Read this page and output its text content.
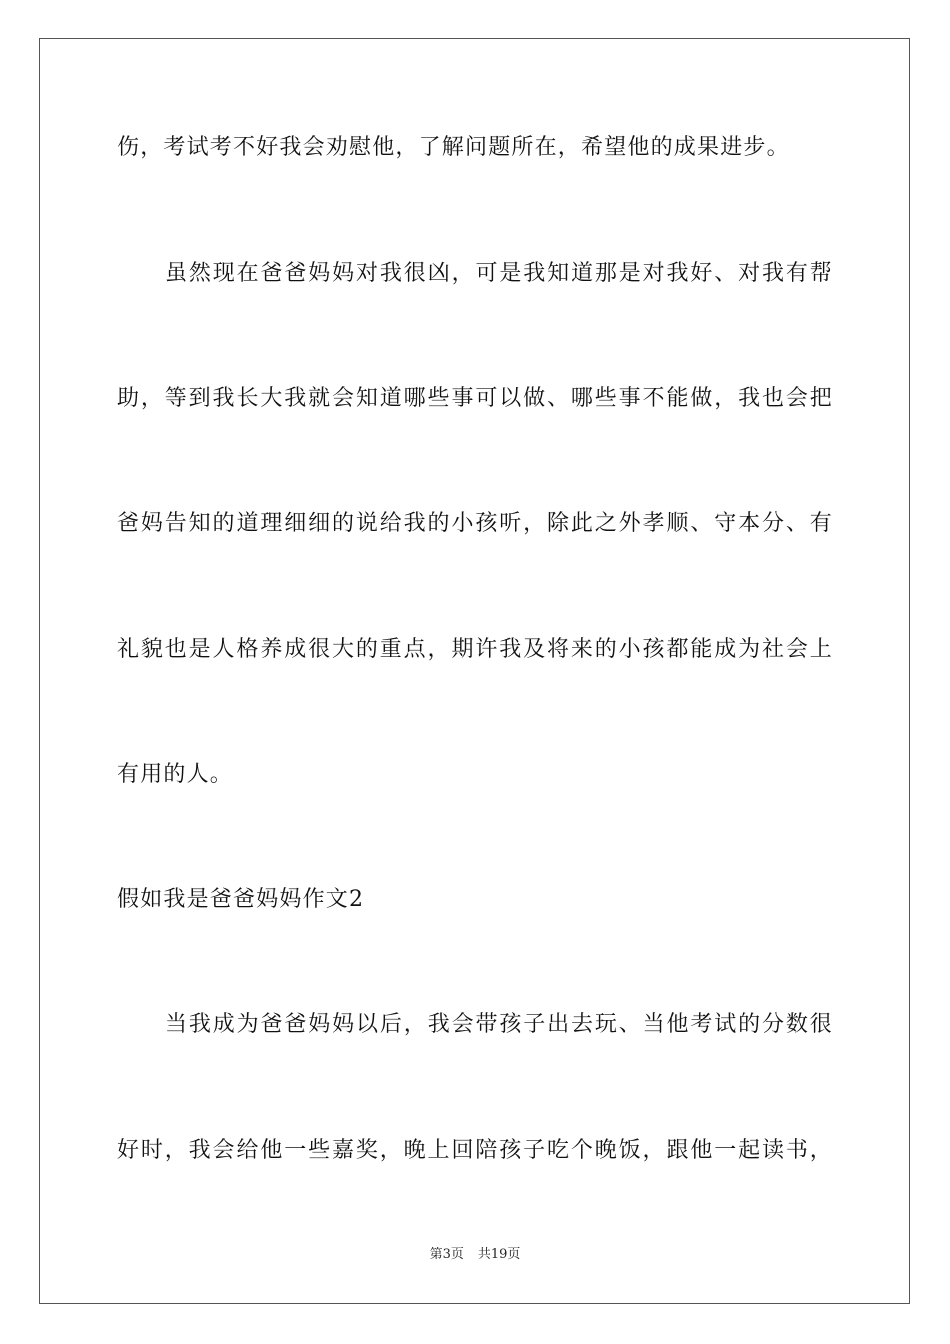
伤，考试考不好我会劝慰他，了解问题所在，希望他的成果进步。
虽然现在爸爸妈妈对我很凶，可是我知道那是对我好、对我有帮
助，等到我长大我就会知道哪些事可以做、哪些事不能做，我也会把
爸妈告知的道理细细的说给我的小孩听，除此之外孝顺、守本分、有
礼貌也是人格养成很大的重点，期许我及将来的小孩都能成为社会上
有用的人。
假如我是爸爸妈妈作文2
当我成为爸爸妈妈以后，我会带孩子出去玩、当他考试的分数很
好时，我会给他一些嘉奖，晚上回陪孩子吃个晚饭，跟他一起读书，
第3页 共19页
